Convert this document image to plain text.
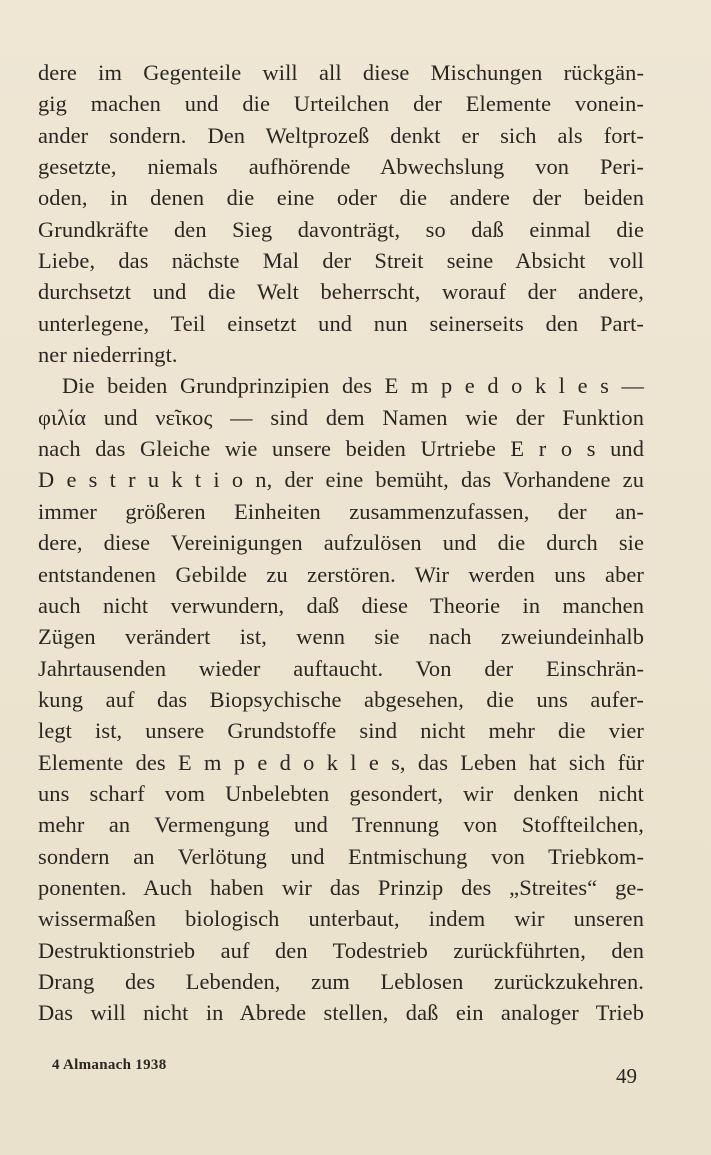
dere im Gegenteile will all diese Mischungen rückgän-
gig machen und die Urteilchen der Elemente vonein-
ander sondern. Den Weltprozeß denkt er sich als fort-
gesetzte, niemals aufhörende Abwechslung von Peri-
oden, in denen die eine oder die andere der beiden
Grundkräfte den Sieg davonträgt, so daß einmal die
Liebe, das nächste Mal der Streit seine Absicht voll
durchsetzt und die Welt beherrscht, worauf der andere,
unterlegene, Teil einsetzt und nun seinerseits den Part-
ner niederringt.
Die beiden Grundprinzipien des E m p e d o k l e s —
φιλία und νεῖκος — sind dem Namen wie der Funktion
nach das Gleiche wie unsere beiden Urtriebe E r o s und
D e s t r u k t i o n, der eine bemüht, das Vorhandene zu
immer größeren Einheiten zusammenzufassen, der an-
dere, diese Vereinigungen aufzulösen und die durch sie
entstandenen Gebilde zu zerstören. Wir werden uns aber
auch nicht verwundern, daß diese Theorie in manchen
Zügen verändert ist, wenn sie nach zweiundeinhalb
Jahrtausenden wieder auftaucht. Von der Einschrän-
kung auf das Biopsychische abgesehen, die uns aufer-
legt ist, unsere Grundstoffe sind nicht mehr die vier
Elemente des E m p e d o k l e s, das Leben hat sich für
uns scharf vom Unbelebten gesondert, wir denken nicht
mehr an Vermengung und Trennung von Stoffteilchen,
sondern an Verlötung und Entmischung von Triebkom-
ponenten. Auch haben wir das Prinzip des „Streites“ ge-
wissermaßen biologisch unterbaut, indem wir unseren
Destruktionstrieb auf den Todestrieb zurückführten, den
Drang des Lebenden, zum Leblosen zurückzukehren.
Das will nicht in Abrede stellen, daß ein analoger Trieb
4 Almanach 1938	49
